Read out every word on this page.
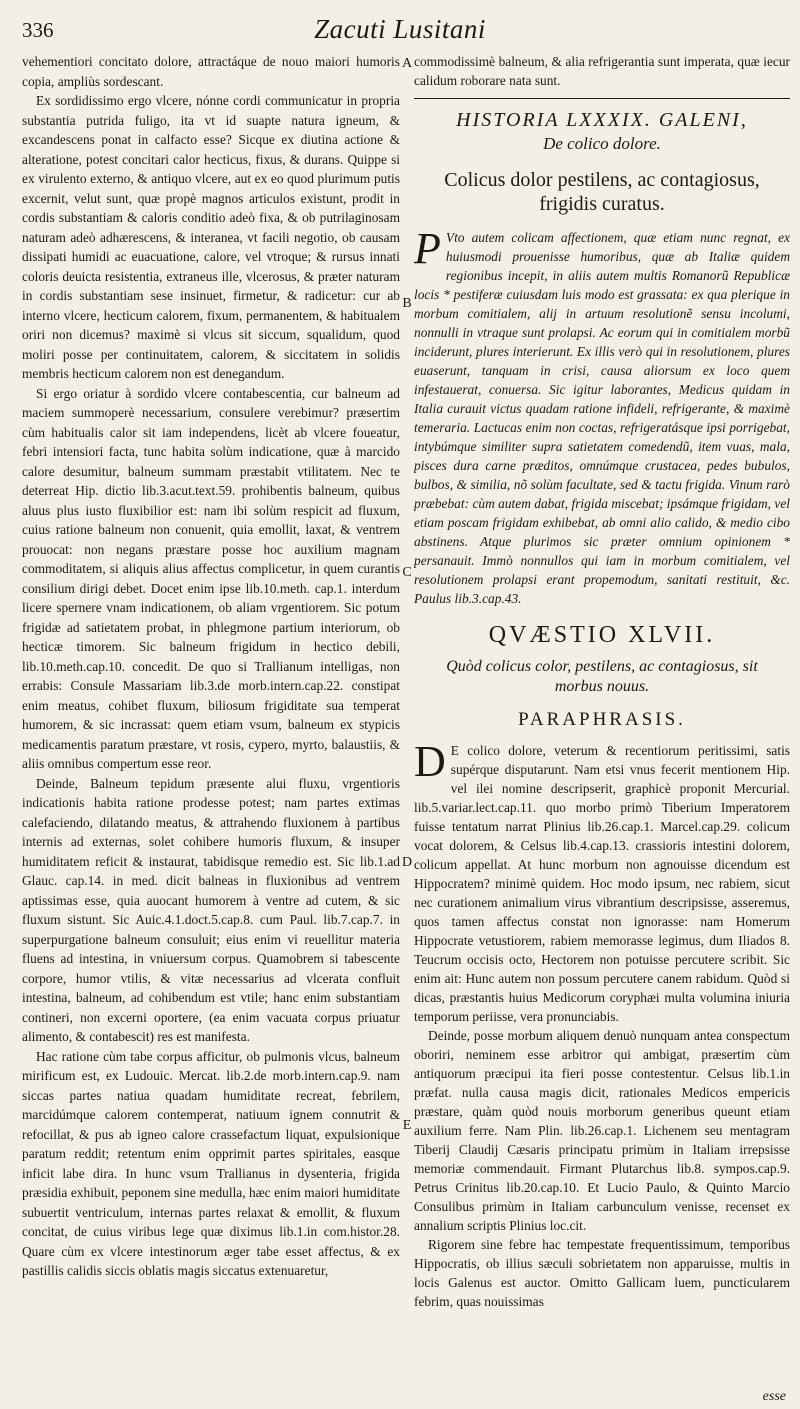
336	Zacuti Lusitani

vehementiori concitato dolore, attractáque de nouo maiori humoris copia, ampliùs sordescant.

Ex sordidissimo ergo vlcere, nónne cordi communicatur in propria substantia putrida fuligo, ita vt id suapte natura igneum, & excandescens ponat in calfacto esse? Sicque ex diutina actione & alteratione, potest concitari calor hecticus, fixus, & durans. Quippe si ex virulento externo, & antiquo vlcere, aut ex eo quod plurimum putis excernit, velut sunt, quæ propè magnos articulos existunt, prodit in cordis substantiam & caloris conditio adeò fixa, & ob putrilaginosam naturam adeò adhærescens, & interanea, vt facili negotio, ob causam dissipati humidi ac euacuatione, calore, vel vtroque; & rursus innati coloris deuicta resistentia, extraneus ille, vlcerosus, & præter naturam in cordis substantiam sese insinuet, firmetur, & radicetur: cur ab interno vlcere, hecticum calorem, fixum, permanentem, & habitualem oriri non dicemus? maximè si vlcus sit siccum, squalidum, quod moliri posse per continuitatem, calorem, & siccitatem in solidis membris hecticum calorem non est denegandum.

Si ergo oriatur à sordido vlcere contabescentia, cur balneum ad maciem summoperè necessarium, consulere verebimur? præsertim cùm habitualis calor sit iam independens, licèt ab vlcere foueatur, febri intensiori facta, tunc habita solùm indicatione, quæ à marcido calore desumitur, balneum summam præstabit vtilitatem. Nec te deterreat Hip. dictio lib.3.acut.text.59. prohibentis balneum, quibus aluus plus iusto fluxibilior est: nam ibi solùm respicit ad fluxum, cuius ratione balneum non conuenit, quia emollit, laxat, & ventrem prouocat: non negans præstare posse hoc auxilium magnam commoditatem, si aliquis alius affectus complicetur, in quem curantis consilium dirigi debet. Docet enim ipse lib.10.meth. cap.1. interdum licere spernere vnam indicationem, ob aliam vrgentiorem. Sic potum frigidæ ad satietatem probat, in phlegmone partium interiorum, ob hecticæ timorem. Sic balneum frigidum in hectico debili, lib.10.meth.cap.10. concedit. De quo si Trallianum intelligas, non errabis: Consule Massariam lib.3.de morb.intern.cap.22. constipat enim meatus, cohibet fluxum, biliosum frigiditate sua temperat humorem, & sic incrassat: quem etiam vsum, balneum ex stypicis medicamentis paratum præstare, vt rosis, cypero, myrto, balaustiis, & aliis omnibus compertum esse reor.

Deinde, Balneum tepidum præsente alui fluxu, vrgentioris indicationis habita ratione prodesse potest; nam partes extimas calefaciendo, dilatando meatus, & attrahendo fluxionem à partibus internis ad externas, solet cohibere humoris fluxum, & insuper humiditatem reficit & instaurat, tabidisque remedio est. Sic lib.1.ad Glauc. cap.14. in med. dicit balneas in fluxionibus ad ventrem aptissimas esse, quia auocant humorem à ventre ad cutem, & sic fluxum sistunt. Sic Auic.4.1.doct.5.cap.8. cum Paul. lib.7.cap.7. in superpurgatione balneum consuluit; eius enim vi reuellitur materia fluens ad intestina, in vniuersum corpus. Quamobrem si tabescente corpore, humor vtilis, & vitæ necessarius ad vlcerata confluit intestina, balneum, ad cohibendum est vtile; hanc enim substantiam contineri, non excerni oportere, (ea enim vacuata corpus priuatur alimento, & contabescit) res est manifesta.

Hac ratione cùm tabe corpus afficitur, ob pulmonis vlcus, balneum mirificum est, ex Ludouic. Mercat. lib.2.de morb.intern.cap.9. nam siccas partes natiua quadam humiditate recreat, febrilem, marcidúmque calorem contemperat, natiuum ignem connutrit & refocillat, & pus ab igneo calore crassefactum liquat, expulsionique paratum reddit; retentum enim opprimit partes spiritales, easque inficit labe dira. In hunc vsum Trallianus in dysenteria, frigida præsidia exhibuit, peponem sine medulla, hæc enim maiori humiditate subuertit ventriculum, internas partes relaxat & emollit, & fluxum concitat, de cuius viribus lege quæ diximus lib.1.in com.histor.28. Quare cùm ex vlcere intestinorum æger tabe esset affectus, & ex pastillis calidis siccis oblatis magis siccatus extenuaretur,

A
B
C
D
E

commodissimè balneum, & alia refrigerantia sunt imperata, quæ iecur calidum roborare nata sunt.

HISTORIA LXXXIX. GALENI,

De colico dolore.

Colicus dolor pestilens, ac contagiosus, frigidis curatus.

P Vto autem colicam affectionem, quæ etiam nunc regnat, ex huiusmodi prouenisse humoribus, quæ ab Italiæ quidem regionibus incepit, in aliis autem multis Romanorũ Republicæ locis * pestiferæ cuiusdam luis modo est grassata: ex qua plerique in morbum comitialem, alij in artuum resolutionẽ sensu incolumi, nonnulli in vtraque sunt prolapsi. Ac eorum qui in comitialem morbũ inciderunt, plures interierunt. Ex illis verò qui in resolutionem, plures euaserunt, tanquam in crisi, causa aliorsum ex loco quem infestauerat, conuersa. Sic igitur laborantes, Medicus quidam in Italia curauit victus quadam ratione infideli, refrigerante, & maximè temeraria. Lactucas enim non coctas, refrigeratásque ipsi porrigebat, intybúmque similiter supra satietatem comedendũ, item vuas, mala, pisces dura carne præditos, omnúmque crustacea, pedes bubulos, bulbos, & similia, nõ solùm facultate, sed & tactu frigida. Vinum rarò præbebat: cùm autem dabat, frigida miscebat; ipsámque frigidam, vel etiam poscam frigidam exhibebat, ab omni alio calido, & medio cibo abstinens. Atque plurimos sic præter omnium opinionem * persanauit. Immò nonnullos qui iam in morbum comitialem, vel resolutionem prolapsi erant propemodum, sanitati restituit, &c. Paulus lib.3.cap.43.

QVÆSTIO XLVII.

Quòd colicus color, pestilens, ac contagiosus, sit morbus nouus.

PARAPHRASIS.

D E colico dolore, veterum & recentiorum peritissimi, satis supérque disputarunt. Nam etsi vnus fecerit mentionem Hip. vel ilei nomine descripserit, graphicè proponit Mercurial. lib.5.variar.lect.cap.11. quo morbo primò Tiberium Imperatorem fuisse tentatum narrat Plinius lib.26.cap.1. Marcel.cap.29. colicum vocat dolorem, & Celsus lib.4.cap.13. crassioris intestini dolorem, colicum appellat. At hunc morbum non agnouisse dicendum est Hippocratem? minimè quidem. Hoc modo ipsum, nec rabiem, sicut nec curationem animalium virus vibrantium descripsisse, asseremus, quos tamen affectus constat non ignorasse: nam Homerum Hippocrate vetustiorem, rabiem memorasse legimus, dum Iliados 8. Teucrum occisis octo, Hectorem non potuisse percutere scribit. Sic enim ait: Hunc autem non possum percutere canem rabidum. Quòd si dicas, præstantis huius Medicorum coryphæi multa volumina iniuria temporum periisse, vera pronunciabis.

Deinde, posse morbum aliquem denuò nunquam antea conspectum oboriri, neminem esse arbitror qui ambigat, præsertim cùm antiquorum præcipui ita fieri posse contestentur. Celsus lib.1.in præfat. nulla causa magis dicit, rationales Medicos empericis præstare, quàm quòd nouis morborum generibus queunt etiam auxilium ferre. Nam Plin. lib.26.cap.1. Lichenem seu mentagram Tiberij Claudij Cæsaris principatu primùm in Italiam irrepsisse memoriæ commendauit. Firmant Plutarchus lib.8. sympos.cap.9. Petrus Crinitus lib.20.cap.10. Et Lucio Paulo, & Quinto Marcio Consulibus primùm in Italiam carbunculum venisse, recenset ex annalium scriptis Plinius loc.cit.

Rigorem sine febre hac tempestate frequentissimum, temporibus Hippocratis, ob illius sæculi sobrietatem non apparuisse, multis in locis Galenus est auctor. Omitto Gallicam luem, puncticularem febrim, quas nouissimas

esse
